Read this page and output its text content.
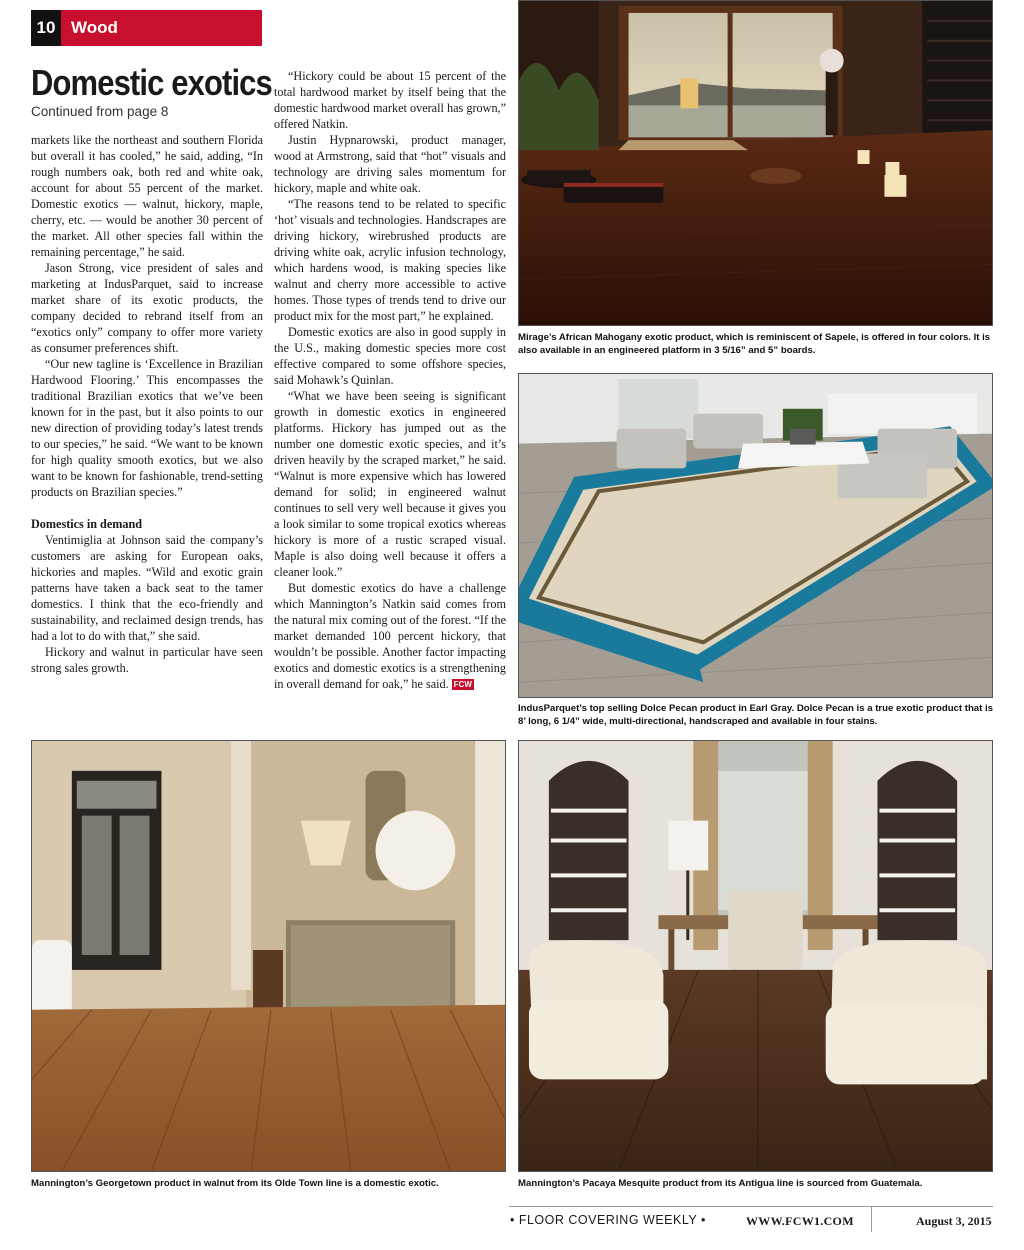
10 Wood
Domestic exotics
Continued from page 8

markets like the northeast and southern Florida but overall it has cooled,” he said, adding, “In rough numbers oak, both red and white oak, account for about 55 percent of the market. Domestic exotics — walnut, hickory, maple, cherry, etc. — would be another 30 percent of the market. All other species fall within the remaining percentage,” he said.

Jason Strong, vice president of sales and marketing at IndusParquet, said to increase market share of its exotic products, the company decided to rebrand itself from an “exotics only” company to offer more variety as consumer preferences shift.

“Our new tagline is ‘Excellence in Brazilian Hardwood Flooring.’ This encompasses the traditional Brazilian exotics that we’ve been known for in the past, but it also points to our new direction of providing today’s latest trends to our species,” he said. “We want to be known for high quality smooth exotics, but we also want to be known for fashionable, trend-setting products on Brazilian species.”

Domestics in demand

Ventimiglia at Johnson said the company’s customers are asking for European oaks, hickories and maples. “Wild and exotic grain patterns have taken a back seat to the tamer domestics. I think that the eco-friendly and sustainability, and reclaimed design trends, has had a lot to do with that,” she said.

Hickory and walnut in particular have seen strong sales growth.

“Hickory could be about 15 percent of the total hardwood market by itself being that the domestic hardwood market overall has grown,” offered Natkin.

Justin Hypnarowski, product manager, wood at Armstrong, said that “hot” visuals and technology are driving sales momentum for hickory, maple and white oak.

“The reasons tend to be related to specific ‘hot’ visuals and technologies. Handscrapes are driving hickory, wirebrushed products are driving white oak, acrylic infusion technology, which hardens wood, is making species like walnut and cherry more accessible to active homes. Those types of trends tend to drive our product mix for the most part,” he explained.

Domestic exotics are also in good supply in the U.S., making domestic species more cost effective compared to some offshore species, said Mohawk’s Quinlan.

“What we have been seeing is significant growth in domestic exotics in engineered platforms. Hickory has jumped out as the number one domestic exotic species, and it’s driven heavily by the scraped market,” he said. “Walnut is more expensive which has lowered demand for solid; in engineered walnut continues to sell very well because it gives you a look similar to some tropical exotics whereas hickory is more of a rustic scraped visual. Maple is also doing well because it offers a cleaner look.”

But domestic exotics do have a challenge which Mannington’s Natkin said comes from the natural mix coming out of the forest. “If the market demanded 100 percent hickory, that wouldn’t be possible. Another factor impacting exotics and domestic exotics is a strengthening in overall demand for oak,” he said. FCW

Mirage’s African Mahogany exotic product, which is reminiscent of Sapele, is offered in four colors. It is also available in an engineered platform in 3 5/16” and 5” boards.
IndusParquet’s top selling Dolce Pecan product in Earl Gray. Dolce Pecan is a true exotic product that is 8’ long, 6 1/4” wide, multi-directional, handscraped and available in four stains.
Mannington’s Georgetown product in walnut from its Olde Town line is a domestic exotic.	Mannington’s Pacaya Mesquite product from its Antigua line is sourced from Guatemala.
• FLOOR COVERING WEEKLY •	WWW.FCW1.COM	August 3, 2015
